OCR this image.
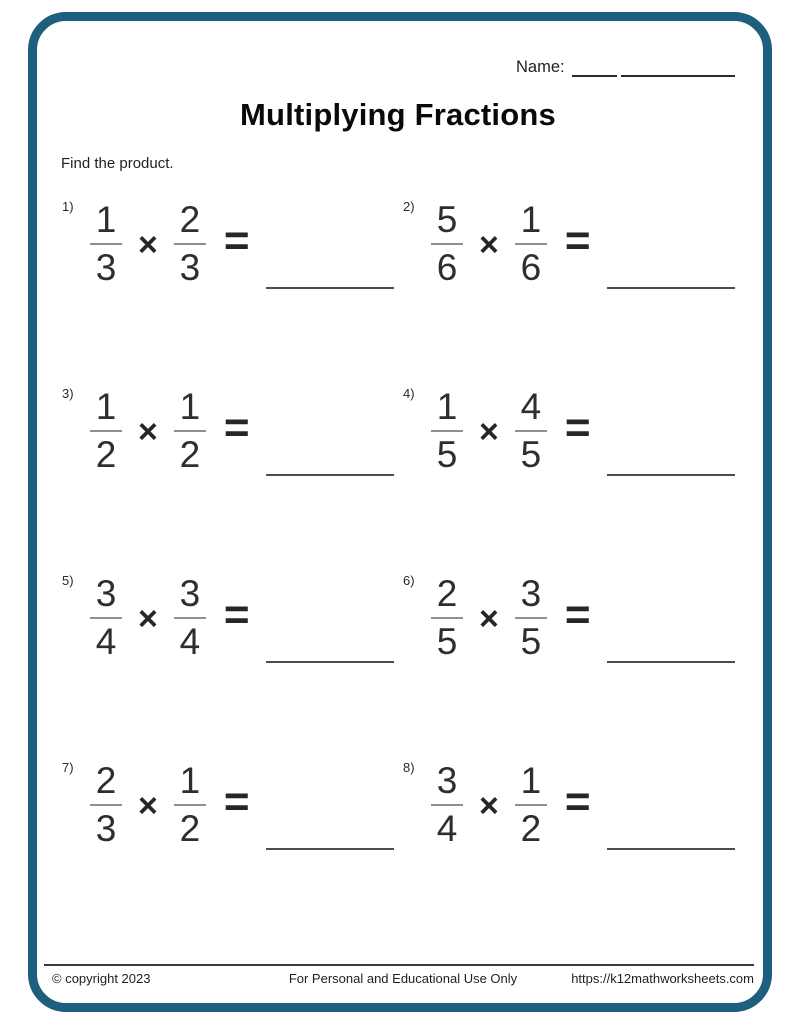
Name:
Multiplying Fractions
Find the product.
$1) \frac{1}{3} \times \frac{2}{3}$ =
$2) \frac{5}{6} \times \frac{1}{6}$ =
$3) \frac{1}{2} \times \frac{1}{2}$ =
$4) \frac{1}{5} \times \frac{4}{5}$ =
$5) \frac{3}{4} \times \frac{3}{4}$ =
$6) \frac{2}{5} \times \frac{3}{5}$ =
$7) \frac{2}{3} \times \frac{1}{2}$ =
$8) \frac{3}{4} \times \frac{1}{2}$ =
© copyright 2023	For Personal and Educational Use Only	https://k12mathworksheets.com
